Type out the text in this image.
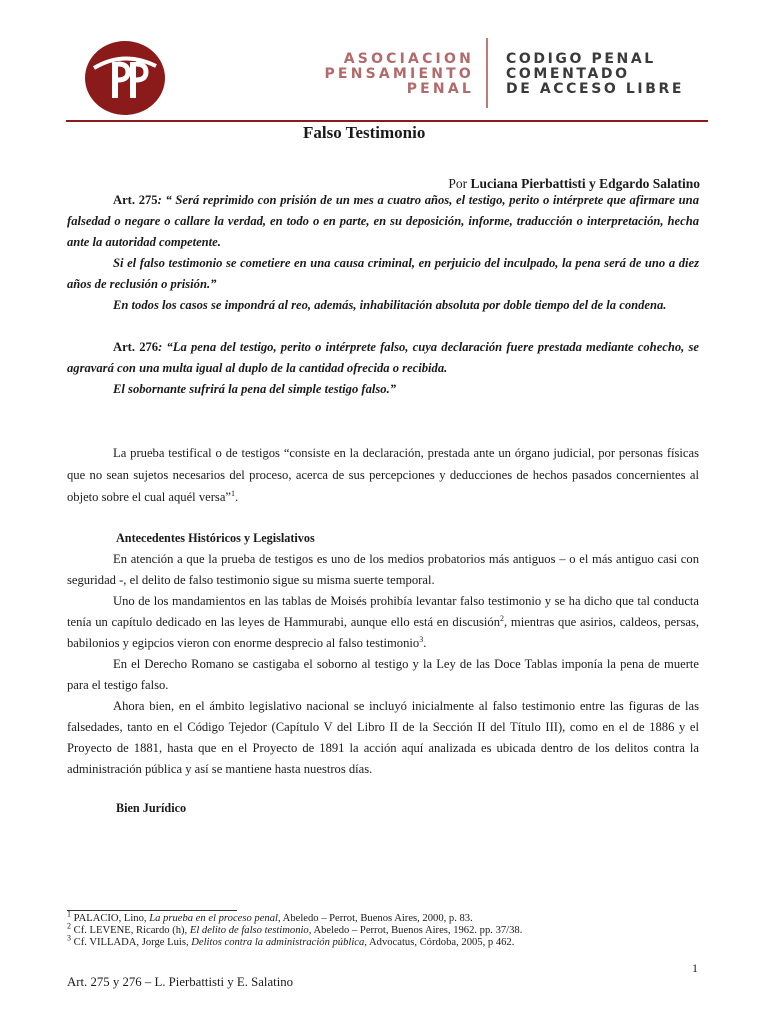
ASOCIACION
PENSAMIENTO
PENAL
CODIGO PENAL
COMENTADO
DE ACCESO LIBRE
Falso Testimonio
Por Luciana Pierbattisti y Edgardo Salatino

Art. 275: “ Será reprimido con prisión de un mes a cuatro años, el testigo, perito o intérprete que afirmare una falsedad o negare o callare la verdad, en todo o en parte, en su deposición, informe, traducción o interpretación, hecha ante la autoridad competente.

Si el falso testimonio se cometiere en una causa criminal, en perjuicio del inculpado, la pena será de uno a diez años de reclusión o prisión.”

En todos los casos se impondrá al reo, además, inhabilitación absoluta por doble tiempo del de la condena.

Art. 276: “La pena del testigo, perito o intérprete falso, cuya declaración fuere prestada mediante cohecho, se agravará con una multa igual al duplo de la cantidad ofrecida o recibida.

El sobornante sufrirá la pena del simple testigo falso.”

La prueba testifical o de testigos “consiste en la declaración, prestada ante un órgano judicial, por personas físicas que no sean sujetos necesarios del proceso, acerca de sus percepciones y deducciones de hechos pasados concernientes al objeto sobre el cual aquél versa”$^1$.

Antecedentes Históricos y Legislativos

En atención a que la prueba de testigos es uno de los medios probatorios más antiguos – o el más antiguo casi con seguridad -, el delito de falso testimonio sigue su misma suerte temporal.

Uno de los mandamientos en las tablas de Moisés prohibía levantar falso testimonio y se ha dicho que tal conducta tenía un capítulo dedicado en las leyes de Hammurabi, aunque ello está en discusión$^2$, mientras que asirios, caldeos, persas, babilonios y egipcios vieron con enorme desprecio al falso testimonio$^3$.

En el Derecho Romano se castigaba el soborno al testigo y la Ley de las Doce Tablas imponía la pena de muerte para el testigo falso.

Ahora bien, en el ámbito legislativo nacional se incluyó inicialmente al falso testimonio entre las figuras de las falsedades, tanto en el Código Tejedor (Capítulo V del Libro II de la Sección II del Título III), como en el de 1886 y el Proyecto de 1881, hasta que en el Proyecto de 1891 la acción aquí analizada es ubicada dentro de los delitos contra la administración pública y así se mantiene hasta nuestros días.

Bien Jurídico
$^1$ PALACIO, Lino, La prueba en el proceso penal, Abeledo – Perrot, Buenos Aires, 2000, p. 83.
$^2$ Cf. LEVENE, Ricardo (h), El delito de falso testimonio, Abeledo – Perrot, Buenos Aires, 1962. pp. 37/38.
$^3$ Cf. VILLADA, Jorge Luis, Delitos contra la administración pública, Advocatus, Córdoba, 2005, p 462.
1
Art. 275 y 276 – L. Pierbattisti y E. Salatino
